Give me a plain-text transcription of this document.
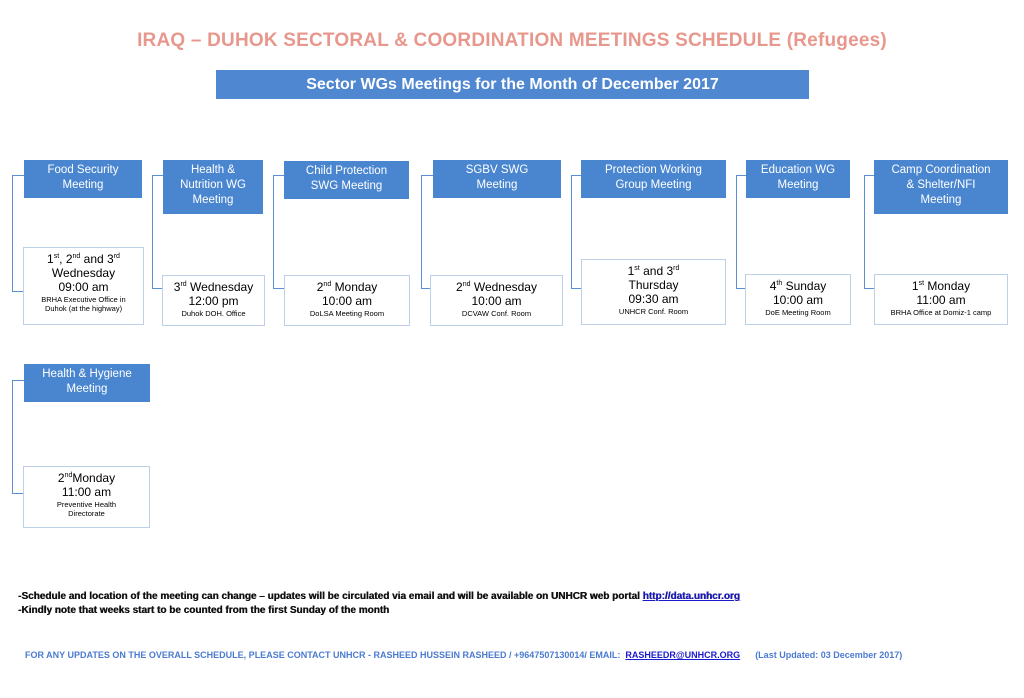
IRAQ – DUHOK SECTORAL & COORDINATION MEETINGS SCHEDULE (Refugees)
Sector WGs Meetings for the Month of December 2017
Food Security
Meeting
1st, 2nd and 3rd
Wednesday
09:00 am
BRHA Executive Office in
Duhok (at the highway)
Health &
Nutrition WG
Meeting
3rd Wednesday
12:00 pm
Duhok DOH. Office
Child Protection
SWG Meeting
2nd Monday
10:00 am
DoLSA Meeting Room
SGBV SWG
Meeting
2nd Wednesday
10:00 am
DCVAW Conf. Room
Protection Working
Group Meeting
1st and 3rd
Thursday
09:30 am
UNHCR Conf. Room
Education WG
Meeting
4th Sunday
10:00 am
DoE Meeting Room
Camp Coordination
& Shelter/NFI
Meeting
1st Monday
11:00 am
BRHA Office at Domiz-1 camp
Health & Hygiene
Meeting
2ndMonday
11:00 am
Preventive Health
Directorate
-Schedule and location of the meeting can change – updates will be circulated via email and will be available on UNHCR web portal http://data.unhcr.org
-Kindly note that weeks start to be counted from the first Sunday of the month
FOR ANY UPDATES ON THE OVERALL SCHEDULE, PLEASE CONTACT UNHCR - RASHEED HUSSEIN RASHEED / +9647507130014/ EMAIL: RASHEEDR@UNHCR.ORG (Last Updated: 03 December 2017)
